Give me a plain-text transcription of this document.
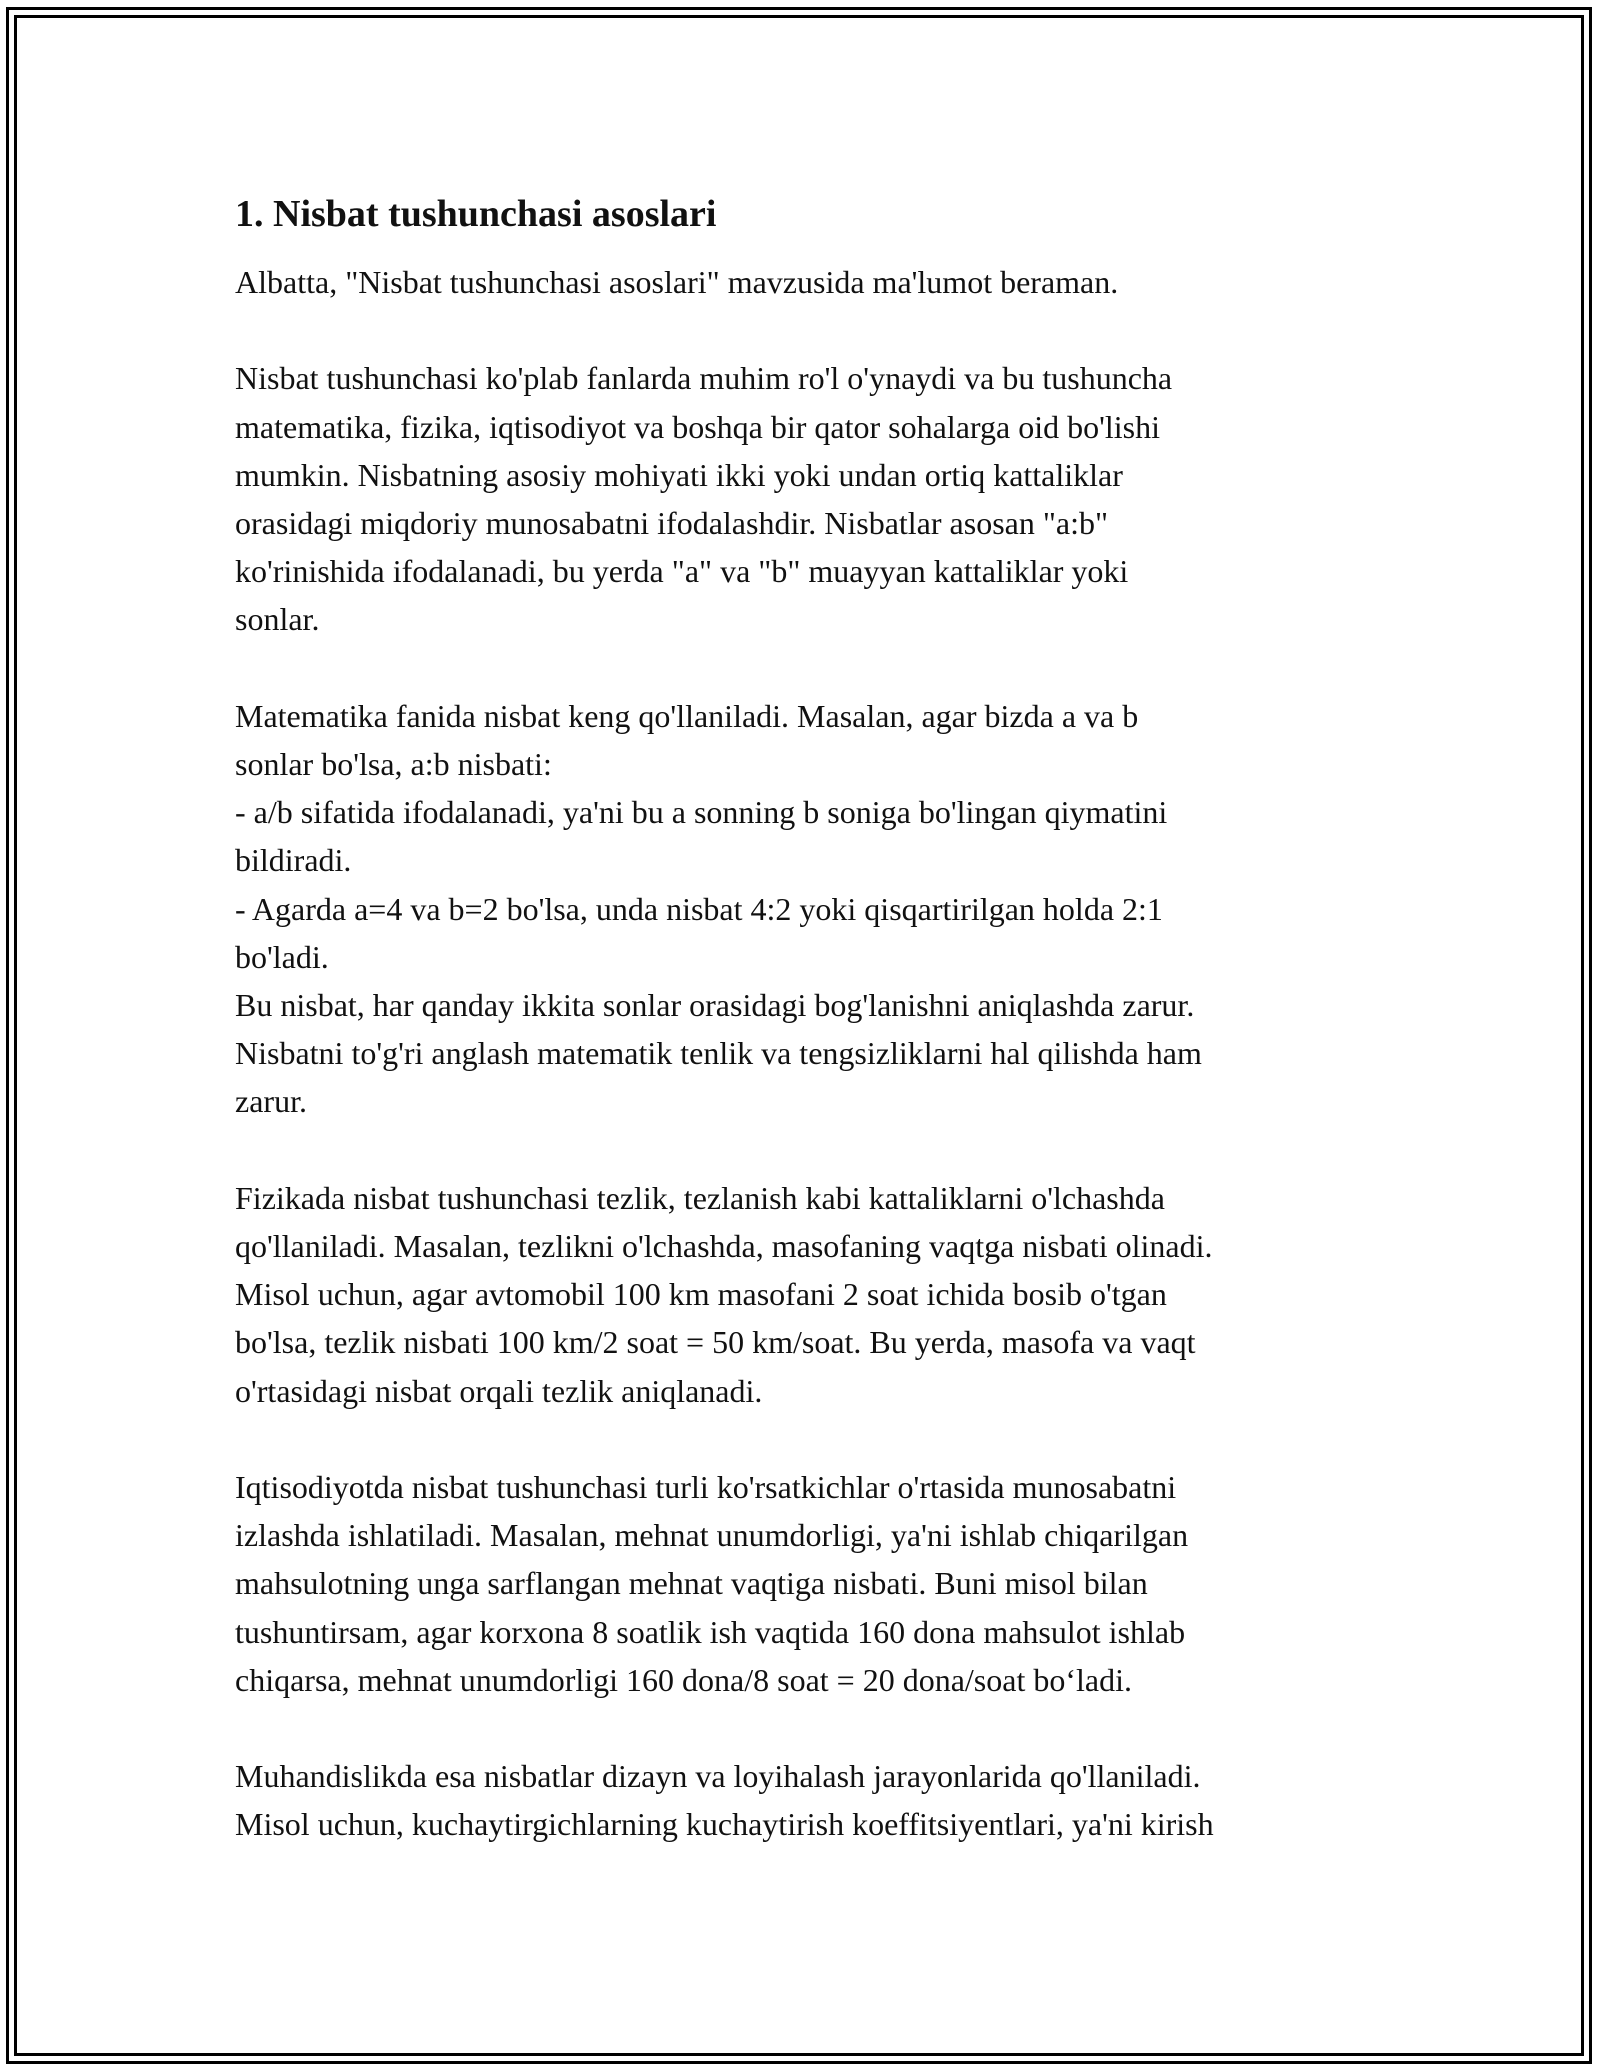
1. Nisbat tushunchasi asoslari

Albatta, "Nisbat tushunchasi asoslari" mavzusida ma'lumot beraman.

Nisbat tushunchasi ko'plab fanlarda muhim ro'l o'ynaydi va bu tushuncha
matematika, fizika, iqtisodiyot va boshqa bir qator sohalarga oid bo'lishi
mumkin. Nisbatning asosiy mohiyati ikki yoki undan ortiq kattaliklar
orasidagi miqdoriy munosabatni ifodalashdir. Nisbatlar asosan "a:b"
ko'rinishida ifodalanadi, bu yerda "a" va "b" muayyan kattaliklar yoki
sonlar.

Matematika fanida nisbat keng qo'llaniladi. Masalan, agar bizda a va b
sonlar bo'lsa, a:b nisbati:
- a/b sifatida ifodalanadi, ya'ni bu a sonning b soniga bo'lingan qiymatini
bildiradi.
- Agarda a=4 va b=2 bo'lsa, unda nisbat 4:2 yoki qisqartirilgan holda 2:1
bo'ladi.
Bu nisbat, har qanday ikkita sonlar orasidagi bog'lanishni aniqlashda zarur.
Nisbatni to'g'ri anglash matematik tenlik va tengsizliklarni hal qilishda ham
zarur.

Fizikada nisbat tushunchasi tezlik, tezlanish kabi kattaliklarni o'lchashda
qo'llaniladi. Masalan, tezlikni o'lchashda, masofaning vaqtga nisbati olinadi.
Misol uchun, agar avtomobil 100 km masofani 2 soat ichida bosib o'tgan
bo'lsa, tezlik nisbati 100 km/2 soat = 50 km/soat. Bu yerda, masofa va vaqt
o'rtasidagi nisbat orqali tezlik aniqlanadi.

Iqtisodiyotda nisbat tushunchasi turli ko'rsatkichlar o'rtasida munosabatni
izlashda ishlatiladi. Masalan, mehnat unumdorligi, ya'ni ishlab chiqarilgan
mahsulotning unga sarflangan mehnat vaqtiga nisbati. Buni misol bilan
tushuntirsam, agar korxona 8 soatlik ish vaqtida 160 dona mahsulot ishlab
chiqarsa, mehnat unumdorligi 160 dona/8 soat = 20 dona/soat bo‘ladi.

Muhandislikda esa nisbatlar dizayn va loyihalash jarayonlarida qo'llaniladi.
Misol uchun, kuchaytirgichlarning kuchaytirish koeffitsiyentlari, ya'ni kirish
